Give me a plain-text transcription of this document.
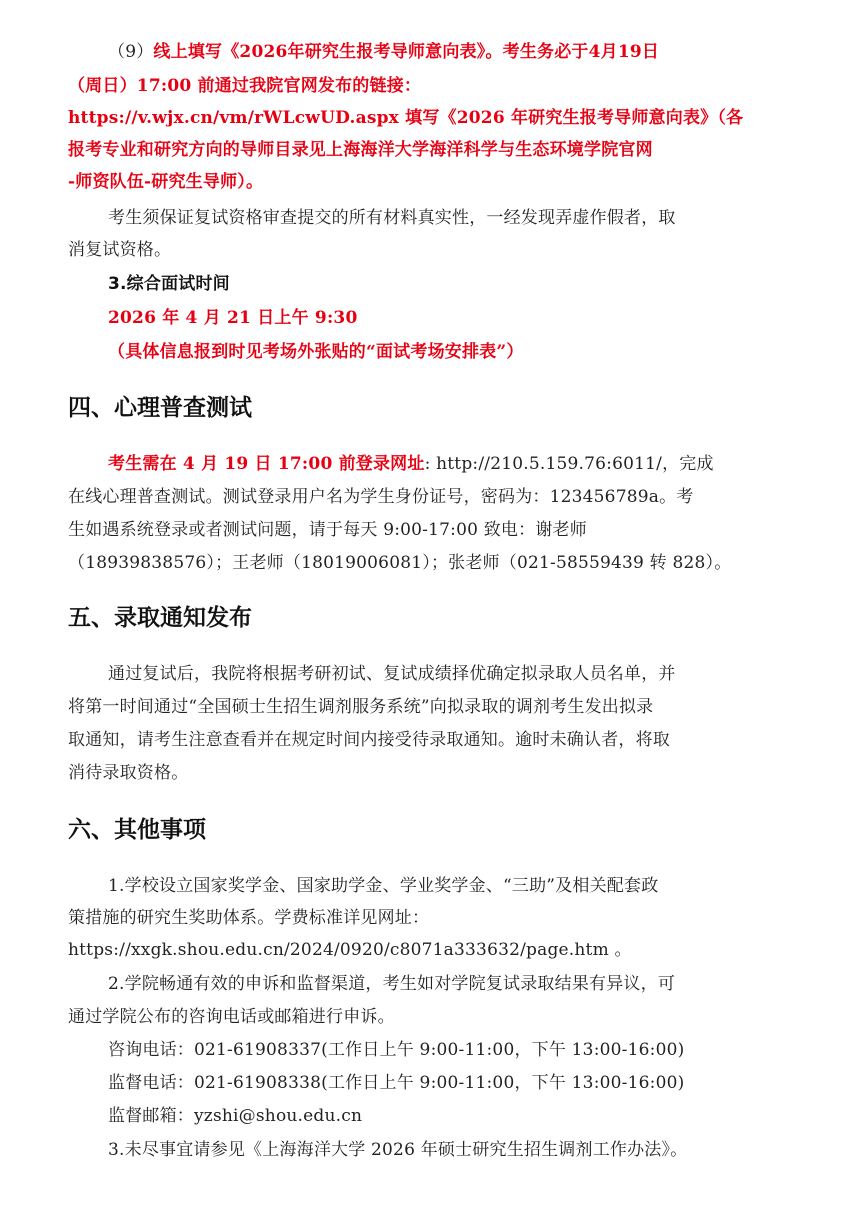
（9）线上填写《2026年研究生报考导师意向表》。考生务必于4月19日
（周日）17:00 前通过我院官网发布的链接：
https://v.wjx.cn/vm/rWLcwUD.aspx 填写《2026 年研究生报考导师意向表》（各
报考专业和研究方向的导师目录见上海海洋大学海洋科学与生态环境学院官网
-师资队伍-研究生导师）。
考生须保证复试资格审查提交的所有材料真实性，一经发现弄虚作假者，取
消复试资格。
3.综合面试时间
2026 年 4 月 21 日上午 9:30
（具体信息报到时见考场外张贴的“面试考场安排表”）
四、心理普查测试
考生需在 4 月 19 日 17:00 前登录网址: http://210.5.159.76:6011/，完成
在线心理普查测试。测试登录用户名为学生身份证号，密码为：123456789a。考
生如遇系统登录或者测试问题，请于每天 9:00-17:00 致电：谢老师
（18939838576）；王老师（18019006081）；张老师（021-58559439 转 828）。
五、录取通知发布
通过复试后，我院将根据考研初试、复试成绩择优确定拟录取人员名单，并
将第一时间通过“全国硕士生招生调剂服务系统”向拟录取的调剂考生发出拟录
取通知，请考生注意查看并在规定时间内接受待录取通知。逾时未确认者，将取
消待录取资格。
六、其他事项
1.学校设立国家奖学金、国家助学金、学业奖学金、“三助”及相关配套政
策措施的研究生奖助体系。学费标准详见网址：
https://xxgk.shou.edu.cn/2024/0920/c8071a333632/page.htm 。
2.学院畅通有效的申诉和监督渠道，考生如对学院复试录取结果有异议，可
通过学院公布的咨询电话或邮箱进行申诉。
咨询电话：021-61908337(工作日上午 9:00-11:00，下午 13:00-16:00)
监督电话：021-61908338(工作日上午 9:00-11:00，下午 13:00-16:00)
监督邮箱：yzshi@shou.edu.cn
3.未尽事宜请参见《上海海洋大学 2026 年硕士研究生招生调剂工作办法》。
